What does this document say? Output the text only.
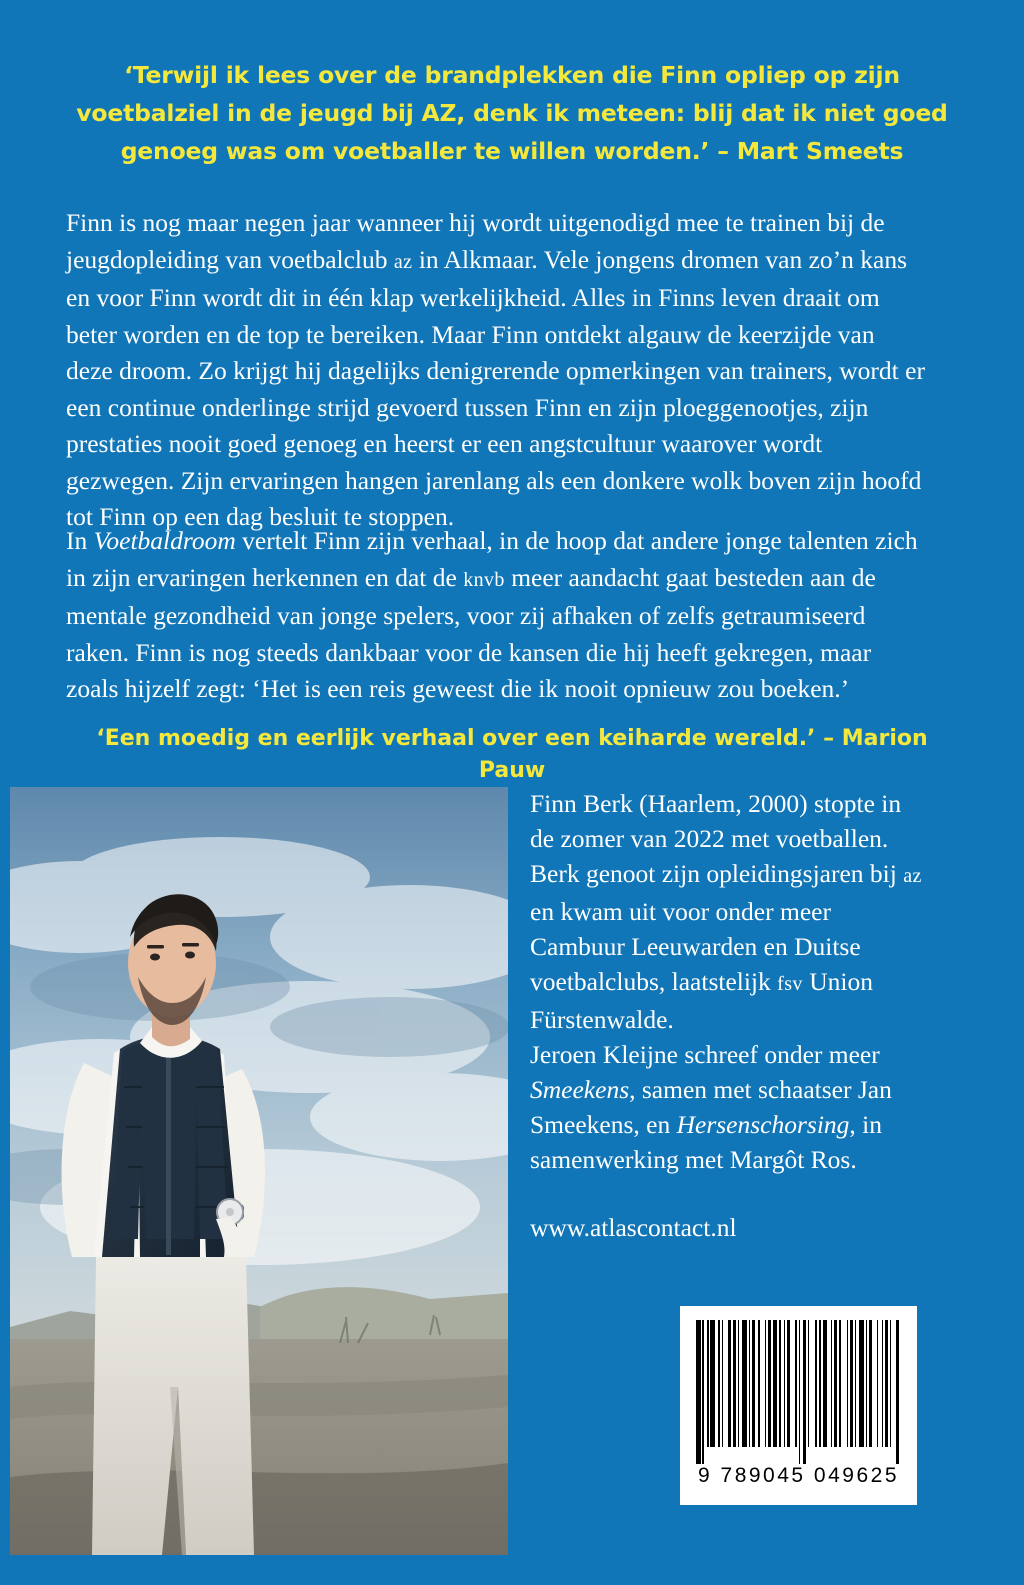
‘Terwijl ik lees over de brandplekken die Finn opliep op zijn voetbalziel in de jeugd bij AZ, denk ik meteen: blij dat ik niet goed genoeg was om voetballer te willen worden.’ – Mart Smeets
Finn is nog maar negen jaar wanneer hij wordt uitgenodigd mee te trainen bij de jeugdopleiding van voetbalclub az in Alkmaar. Vele jongens dromen van zo’n kans en voor Finn wordt dit in één klap werkelijkheid. Alles in Finns leven draait om beter worden en de top te bereiken. Maar Finn ontdekt algauw de keerzijde van deze droom. Zo krijgt hij dagelijks denigrerende opmerkingen van trainers, wordt er een continue onderlinge strijd gevoerd tussen Finn en zijn ploeggenootjes, zijn prestaties nooit goed genoeg en heerst er een angstcultuur waarover wordt gezwegen. Zijn ervaringen hangen jarenlang als een donkere wolk boven zijn hoofd tot Finn op een dag besluit te stoppen.
In Voetbaldroom vertelt Finn zijn verhaal, in de hoop dat andere jonge talenten zich in zijn ervaringen herkennen en dat de knvb meer aandacht gaat besteden aan de mentale gezondheid van jonge spelers, voor zij afhaken of zelfs getraumiseerd raken. Finn is nog steeds dankbaar voor de kansen die hij heeft gekregen, maar zoals hijzelf zegt: ‘Het is een reis geweest die ik nooit opnieuw zou boeken.’
‘Een moedig en eerlijk verhaal over een keiharde wereld.’ – Marion Pauw

Finn Berk (Haarlem, 2000) stopte in de zomer van 2022 met voetballen. Berk genoot zijn opleidingsjaren bij az en kwam uit voor onder meer Cambuur Leeuwarden en Duitse voetbalclubs, laatstelijk fsv Union Fürstenwalde.

Jeroen Kleijne schreef onder meer Smeekens, samen met schaatser Jan Smeekens, en Hersenschorsing, in samenwerking met Margôt Ros.

www.atlascontact.nl

9 789045 049625
